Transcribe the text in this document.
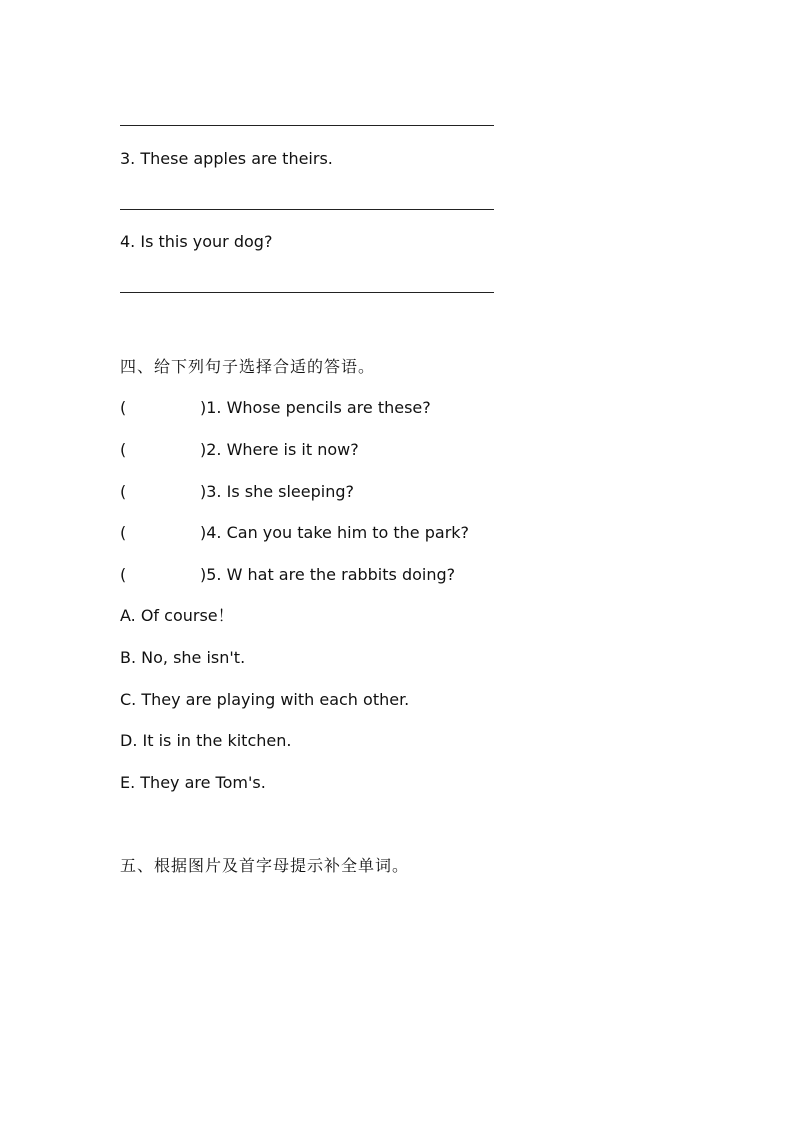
3. These apples are theirs.
4. Is this your dog?
四、给下列句子选择合适的答语。
(	)1. Whose pencils are these?
(	)2. Where is it now?
(	)3. Is she sleeping?
(	)4. Can you take him to the park?
(	)5. W hat are the rabbits doing?
A. Of course！
B. No, she isn't.
C. They are playing with each other.
D. It is in the kitchen.
E. They are Tom's.
五、根据图片及首字母提示补全单词。
